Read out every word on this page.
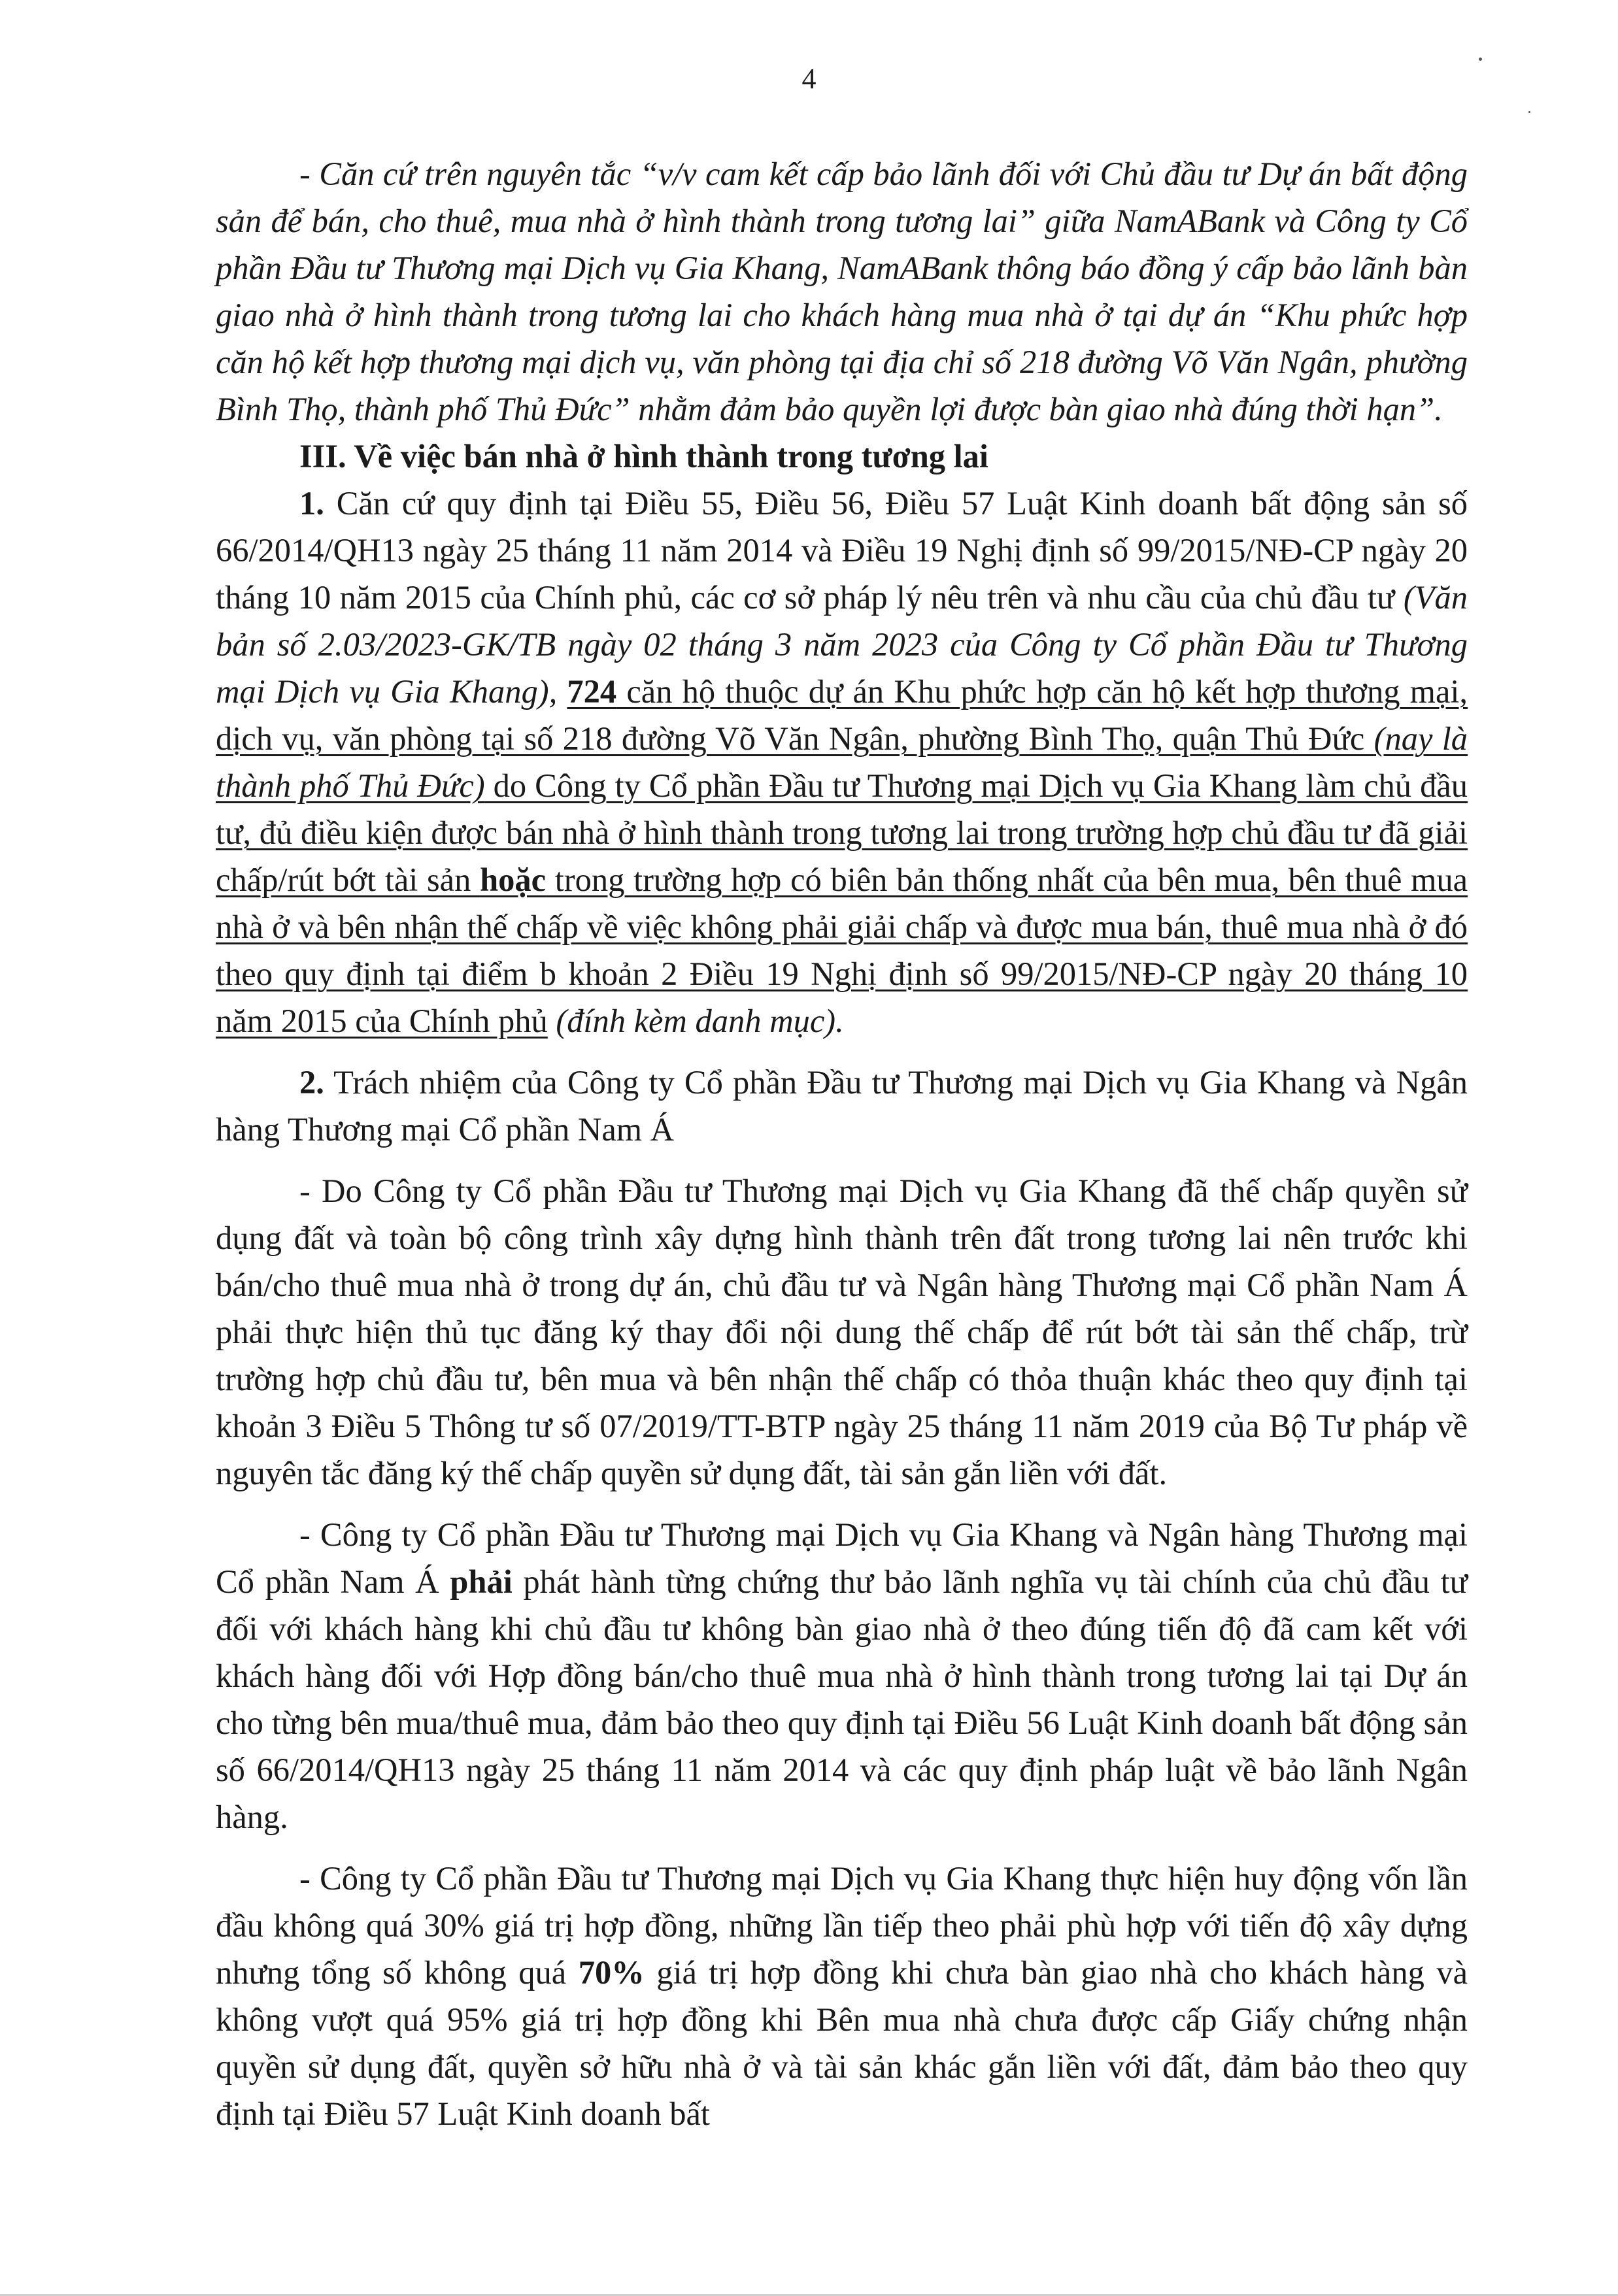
4

- Căn cứ trên nguyên tắc “v/v cam kết cấp bảo lãnh đối với Chủ đầu tư Dự án bất động sản để bán, cho thuê, mua nhà ở hình thành trong tương lai” giữa NamABank và Công ty Cổ phần Đầu tư Thương mại Dịch vụ Gia Khang, NamABank thông báo đồng ý cấp bảo lãnh bàn giao nhà ở hình thành trong tương lai cho khách hàng mua nhà ở tại dự án “Khu phức hợp căn hộ kết hợp thương mại dịch vụ, văn phòng tại địa chỉ số 218 đường Võ Văn Ngân, phường Bình Thọ, thành phố Thủ Đức” nhằm đảm bảo quyền lợi được bàn giao nhà đúng thời hạn”.

III. Về việc bán nhà ở hình thành trong tương lai

1. Căn cứ quy định tại Điều 55, Điều 56, Điều 57 Luật Kinh doanh bất động sản số 66/2014/QH13 ngày 25 tháng 11 năm 2014 và Điều 19 Nghị định số 99/2015/NĐ-CP ngày 20 tháng 10 năm 2015 của Chính phủ, các cơ sở pháp lý nêu trên và nhu cầu của chủ đầu tư (Văn bản số 2.03/2023-GK/TB ngày 02 tháng 3 năm 2023 của Công ty Cổ phần Đầu tư Thương mại Dịch vụ Gia Khang), 724 căn hộ thuộc dự án Khu phức hợp căn hộ kết hợp thương mại, dịch vụ, văn phòng tại số 218 đường Võ Văn Ngân, phường Bình Thọ, quận Thủ Đức (nay là thành phố Thủ Đức) do Công ty Cổ phần Đầu tư Thương mại Dịch vụ Gia Khang làm chủ đầu tư, đủ điều kiện được bán nhà ở hình thành trong tương lai trong trường hợp chủ đầu tư đã giải chấp/rút bớt tài sản hoặc trong trường hợp có biên bản thống nhất của bên mua, bên thuê mua nhà ở và bên nhận thế chấp về việc không phải giải chấp và được mua bán, thuê mua nhà ở đó theo quy định tại điểm b khoản 2 Điều 19 Nghị định số 99/2015/NĐ-CP ngày 20 tháng 10 năm 2015 của Chính phủ (đính kèm danh mục).

2. Trách nhiệm của Công ty Cổ phần Đầu tư Thương mại Dịch vụ Gia Khang và Ngân hàng Thương mại Cổ phần Nam Á

- Do Công ty Cổ phần Đầu tư Thương mại Dịch vụ Gia Khang đã thế chấp quyền sử dụng đất và toàn bộ công trình xây dựng hình thành trên đất trong tương lai nên trước khi bán/cho thuê mua nhà ở trong dự án, chủ đầu tư và Ngân hàng Thương mại Cổ phần Nam Á phải thực hiện thủ tục đăng ký thay đổi nội dung thế chấp để rút bớt tài sản thế chấp, trừ trường hợp chủ đầu tư, bên mua và bên nhận thế chấp có thỏa thuận khác theo quy định tại khoản 3 Điều 5 Thông tư số 07/2019/TT-BTP ngày 25 tháng 11 năm 2019 của Bộ Tư pháp về nguyên tắc đăng ký thế chấp quyền sử dụng đất, tài sản gắn liền với đất.

- Công ty Cổ phần Đầu tư Thương mại Dịch vụ Gia Khang và Ngân hàng Thương mại Cổ phần Nam Á phải phát hành từng chứng thư bảo lãnh nghĩa vụ tài chính của chủ đầu tư đối với khách hàng khi chủ đầu tư không bàn giao nhà ở theo đúng tiến độ đã cam kết với khách hàng đối với Hợp đồng bán/cho thuê mua nhà ở hình thành trong tương lai tại Dự án cho từng bên mua/thuê mua, đảm bảo theo quy định tại Điều 56 Luật Kinh doanh bất động sản số 66/2014/QH13 ngày 25 tháng 11 năm 2014 và các quy định pháp luật về bảo lãnh Ngân hàng.

- Công ty Cổ phần Đầu tư Thương mại Dịch vụ Gia Khang thực hiện huy động vốn lần đầu không quá 30% giá trị hợp đồng, những lần tiếp theo phải phù hợp với tiến độ xây dựng nhưng tổng số không quá 70% giá trị hợp đồng khi chưa bàn giao nhà cho khách hàng và không vượt quá 95% giá trị hợp đồng khi Bên mua nhà chưa được cấp Giấy chứng nhận quyền sử dụng đất, quyền sở hữu nhà ở và tài sản khác gắn liền với đất, đảm bảo theo quy định tại Điều 57 Luật Kinh doanh bất
